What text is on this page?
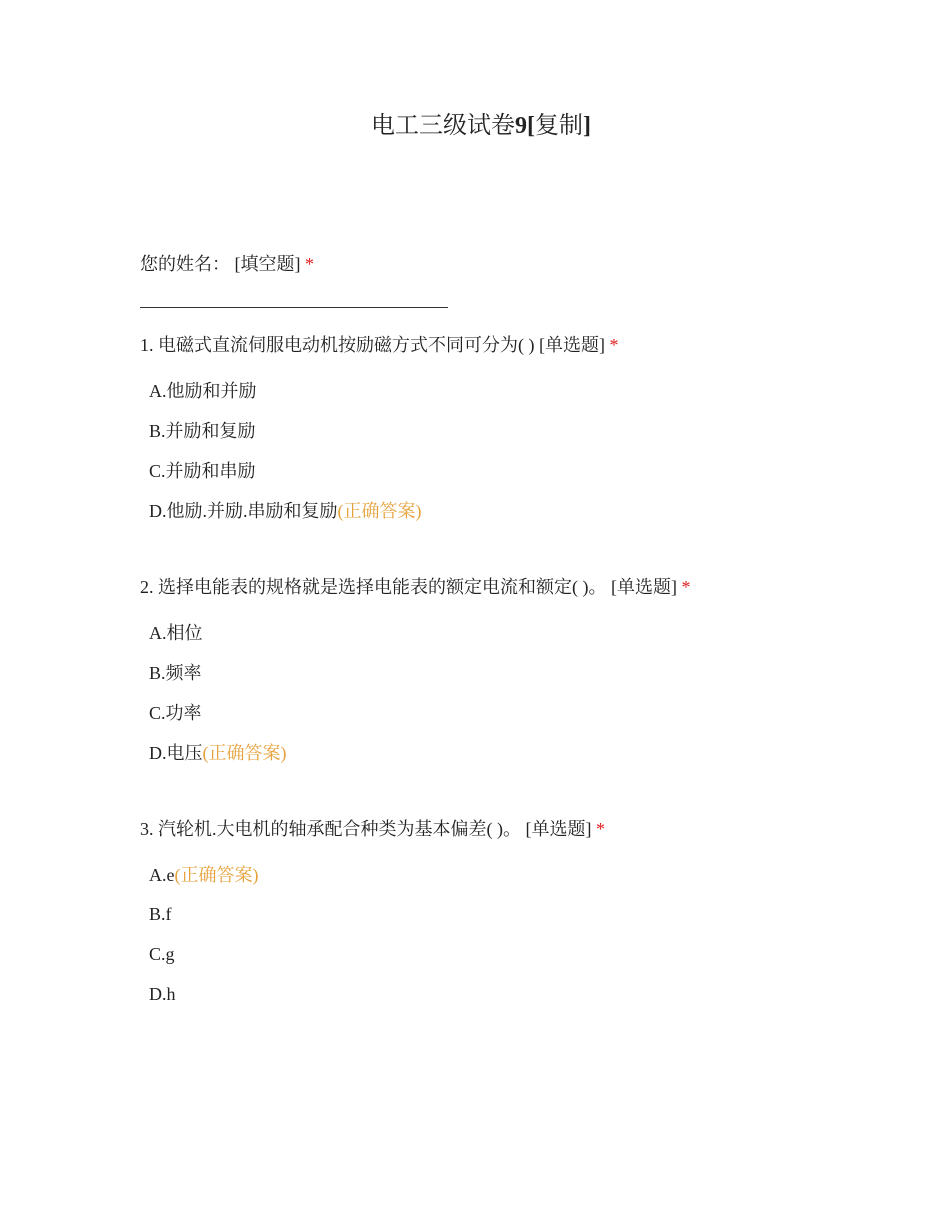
电工三级试卷9[复制]
您的姓名： [填空题] *
1. 电磁式直流伺服电动机按励磁方式不同可分为( ) [单选题] *
A.他励和并励
B.并励和复励
C.并励和串励
D.他励.并励.串励和复励(正确答案)
2. 选择电能表的规格就是选择电能表的额定电流和额定( )。 [单选题] *
A.相位
B.频率
C.功率
D.电压(正确答案)
3. 汽轮机.大电机的轴承配合种类为基本偏差( )。 [单选题] *
A.e(正确答案)
B.f
C.g
D.h
